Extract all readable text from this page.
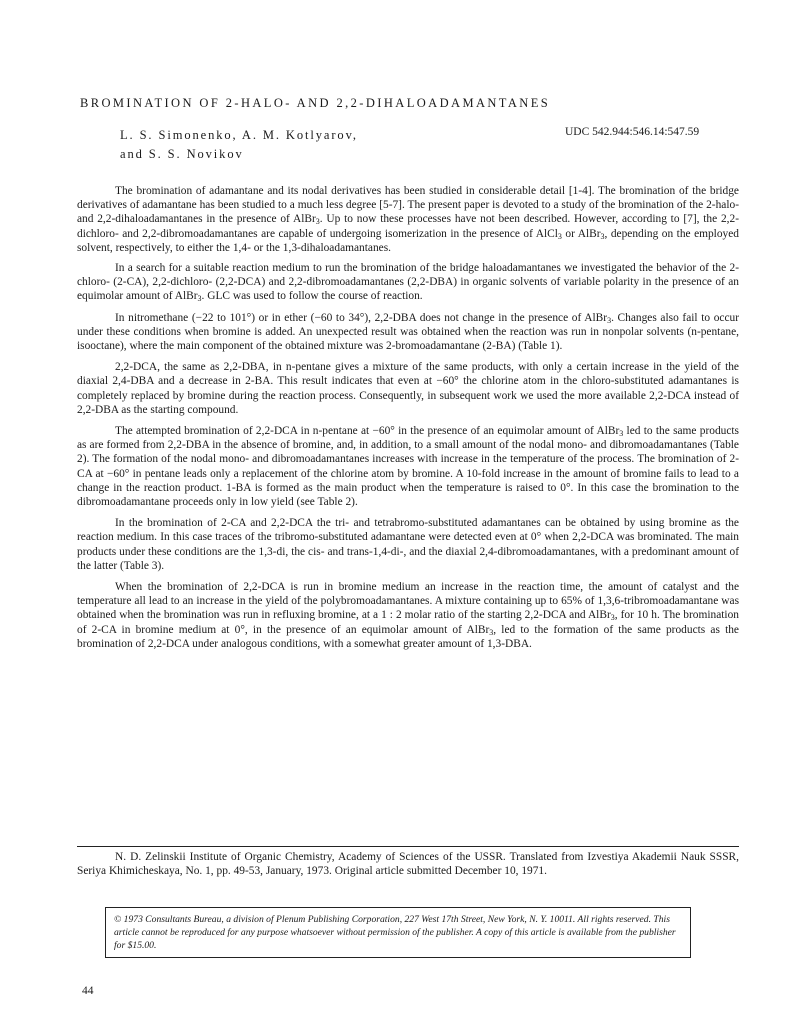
BROMINATION OF 2-HALO- AND 2,2-DIHALOADAMANTANES
L. S. Simonenko, A. M. Kotlyarov,
and S. S. Novikov
UDC 542.944:546.14:547.59

The bromination of adamantane and its nodal derivatives has been studied in considerable detail [1-4]. The bromination of the bridge derivatives of adamantane has been studied to a much less degree [5-7]. The present paper is devoted to a study of the bromination of the 2-halo- and 2,2-dihaloadamantanes in the presence of AlBr$_3$. Up to now these processes have not been described. However, according to [7], the 2,2-dichloro- and 2,2-dibromoadamantanes are capable of undergoing isomerization in the presence of AlCl$_3$ or AlBr$_3$, depending on the employed solvent, respectively, to either the 1,4- or the 1,3-dihaloadamantanes.

In a search for a suitable reaction medium to run the bromination of the bridge haloadamantanes we investigated the behavior of the 2-chloro- (2-CA), 2,2-dichloro- (2,2-DCA) and 2,2-dibromoadamantanes (2,2-DBA) in organic solvents of variable polarity in the presence of an equimolar amount of AlBr$_3$. GLC was used to follow the course of reaction.

In nitromethane (−22 to 101°) or in ether (−60 to 34°), 2,2-DBA does not change in the presence of AlBr$_3$. Changes also fail to occur under these conditions when bromine is added. An unexpected result was obtained when the reaction was run in nonpolar solvents (n-pentane, isooctane), where the main component of the obtained mixture was 2-bromoadamantane (2-BA) (Table 1).

2,2-DCA, the same as 2,2-DBA, in n-pentane gives a mixture of the same products, with only a certain increase in the yield of the diaxial 2,4-DBA and a decrease in 2-BA. This result indicates that even at −60° the chlorine atom in the chloro-substituted adamantanes is completely replaced by bromine during the reaction process. Consequently, in subsequent work we used the more available 2,2-DCA instead of 2,2-DBA as the starting compound.

The attempted bromination of 2,2-DCA in n-pentane at −60° in the presence of an equimolar amount of AlBr$_3$ led to the same products as are formed from 2,2-DBA in the absence of bromine, and, in addition, to a small amount of the nodal mono- and dibromoadamantanes (Table 2). The formation of the nodal mono- and dibromoadamantanes increases with increase in the temperature of the process. The bromination of 2-CA at −60° in pentane leads only a replacement of the chlorine atom by bromine. A 10-fold increase in the amount of bromine fails to lead to a change in the reaction product. 1-BA is formed as the main product when the temperature is raised to 0°. In this case the bromination to the dibromoadamantane proceeds only in low yield (see Table 2).

In the bromination of 2-CA and 2,2-DCA the tri- and tetrabromo-substituted adamantanes can be obtained by using bromine as the reaction medium. In this case traces of the tribromo-substituted adamantane were detected even at 0° when 2,2-DCA was brominated. The main products under these conditions are the 1,3-di, the cis- and trans-1,4-di-, and the diaxial 2,4-dibromoadamantanes, with a predominant amount of the latter (Table 3).

When the bromination of 2,2-DCA is run in bromine medium an increase in the reaction time, the amount of catalyst and the temperature all lead to an increase in the yield of the polybromoadamantanes. A mixture containing up to 65% of 1,3,6-tribromoadamantane was obtained when the bromination was run in refluxing bromine, at a 1 : 2 molar ratio of the starting 2,2-DCA and AlBr$_3$, for 10 h. The bromination of 2-CA in bromine medium at 0°, in the presence of an equimolar amount of AlBr$_3$, led to the formation of the same products as the bromination of 2,2-DCA under analogous conditions, with a somewhat greater amount of 1,3-DBA.

N. D. Zelinskii Institute of Organic Chemistry, Academy of Sciences of the USSR. Translated from Izvestiya Akademii Nauk SSSR, Seriya Khimicheskaya, No. 1, pp. 49-53, January, 1973. Original article submitted December 10, 1971.

© 1973 Consultants Bureau, a division of Plenum Publishing Corporation, 227 West 17th Street, New York, N. Y. 10011. All rights reserved. This article cannot be reproduced for any purpose whatsoever without permission of the publisher. A copy of this article is available from the publisher for $15.00.
44
